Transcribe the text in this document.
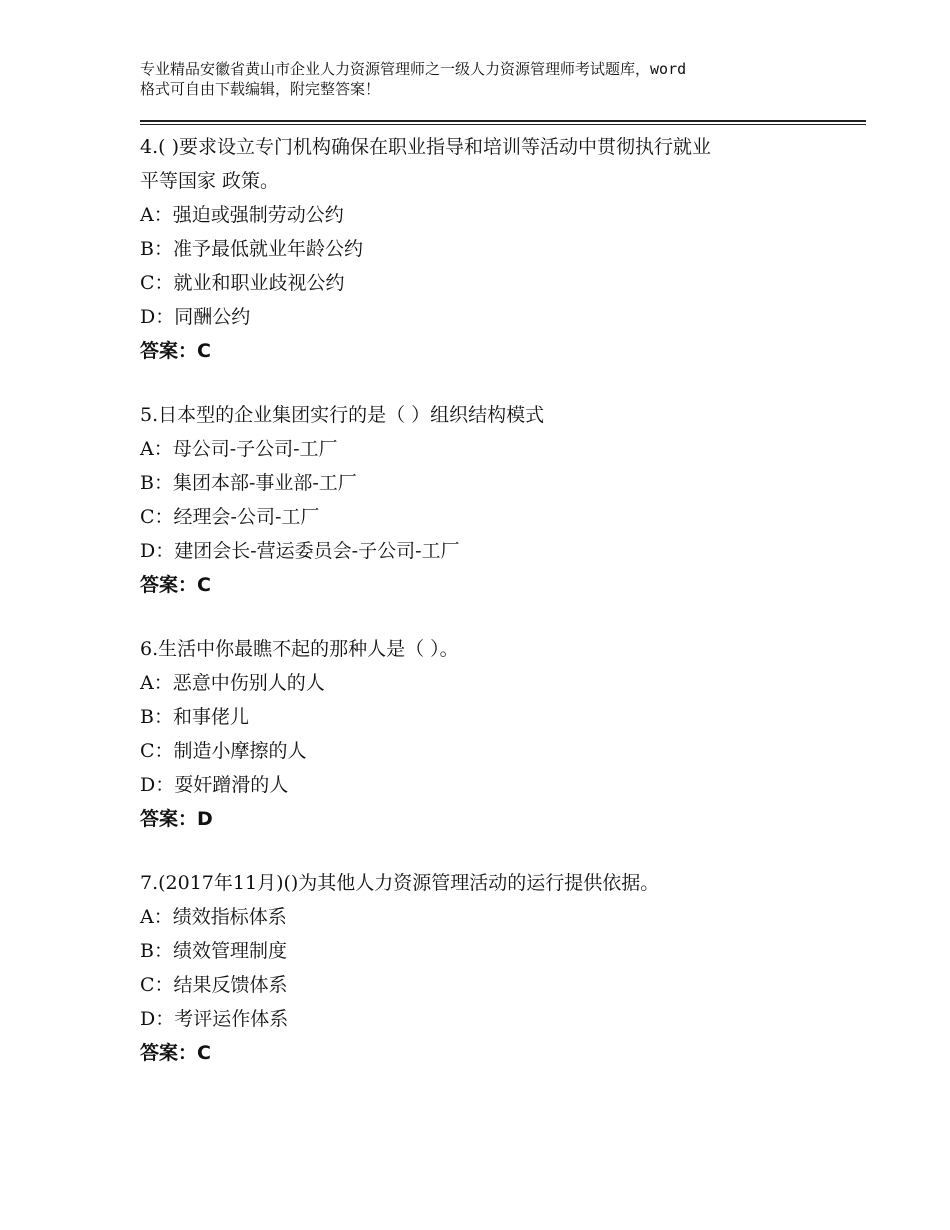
专业精品安徽省黄山市企业人力资源管理师之一级人力资源管理师考试题库，word
格式可自由下载编辑，附完整答案！
4.( )要求设立专门机构确保在职业指导和培训等活动中贯彻执行就业
平等国家 政策。
A：强迫或强制劳动公约
B：准予最低就业年龄公约
C：就业和职业歧视公约
D：同酬公约
答案：C
5.日本型的企业集团实行的是（ ）组织结构模式
A：母公司-子公司-工厂
B：集团本部-事业部-工厂
C：经理会-公司-工厂
D：建团会长-营运委员会-子公司-工厂
答案：C
6.生活中你最瞧不起的那种人是（ ）。
A：恶意中伤别人的人
B：和事佬儿
C：制造小摩擦的人
D：耍奸蹭滑的人
答案：D
7.(2017年11月)()为其他人力资源管理活动的运行提供依据。
A：绩效指标体系
B：绩效管理制度
C：结果反馈体系
D：考评运作体系
答案：C
